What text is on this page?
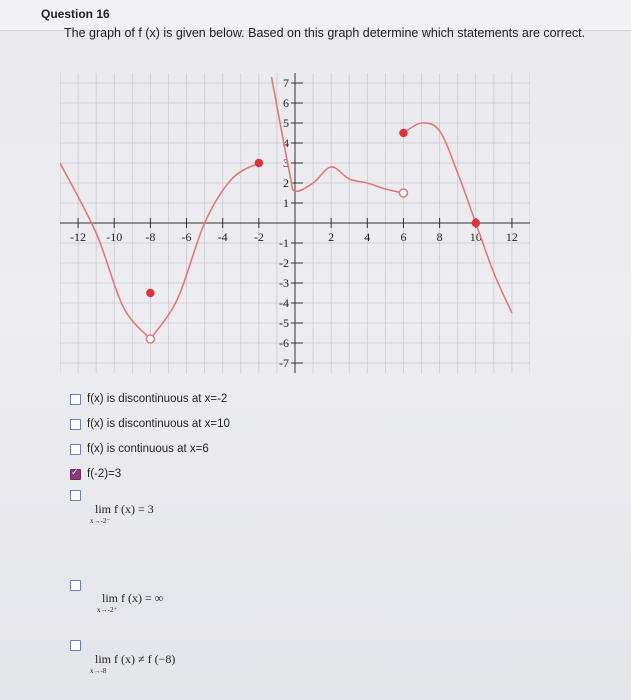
Question 16
The graph of f (x) is given below. Based on this graph determine which statements are correct.
-12 -10 -8 -6 -4 -2	2	4	6	8 10 12
7
6
5
4
3
2
1
-1
-2
-3
-4
-5
-6
-7
f(x) is discontinuous at x=-2
f(x) is discontinuous at x=10
f(x) is continuous at x=6
✓
f(-2)=3
lim f (x) = 3
x→-2⁻
lim f (x) = ∞
x→-2⁺
lim f (x) ≠ f (−8)
x→-8
